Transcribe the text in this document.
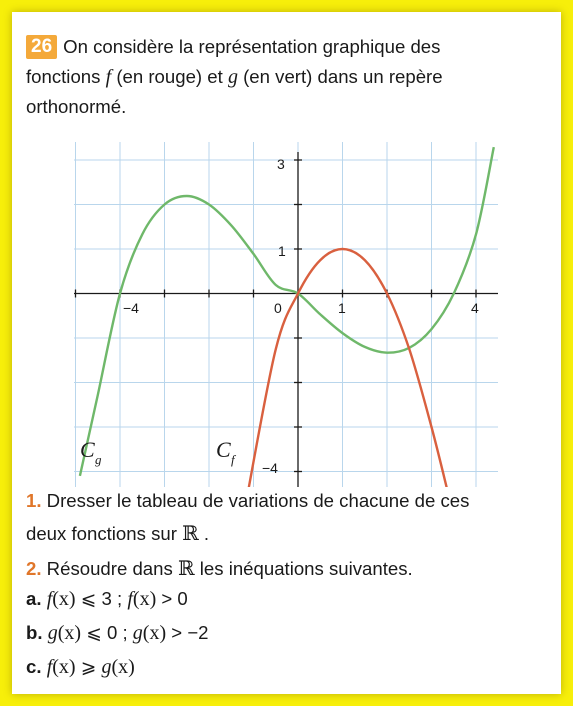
26 On considère la représentation graphique des
fonctions f (en rouge) et g (en vert) dans un repère
orthonormé.
−4	0	1	4
3
1
−4
C g	C f
1. Dresser le tableau de variations de chacune de ces
deux fonctions sur ℝ .
2. Résoudre dans ℝ les inéquations suivantes.
a. f(x) ⩽ 3 ; f(x) > 0
b. g(x) ⩽ 0 ; g(x) > −2
c. f(x) ⩾ g(x)
